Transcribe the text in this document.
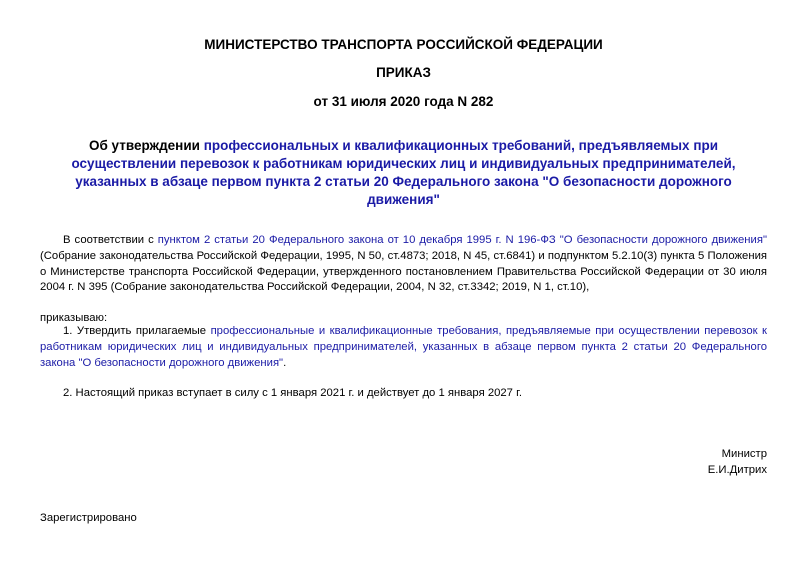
МИНИСТЕРСТВО ТРАНСПОРТА РОССИЙСКОЙ ФЕДЕРАЦИИ
ПРИКАЗ
от 31 июля 2020 года N 282
Об утверждении профессиональных и квалификационных требований, предъявляемых при осуществлении перевозок к работникам юридических лиц и индивидуальных предпринимателей, указанных в абзаце первом пункта 2 статьи 20 Федерального закона "О безопасности дорожного движения"
В соответствии с пунктом 2 статьи 20 Федерального закона от 10 декабря 1995 г. N 196-ФЗ "О безопасности дорожного движения" (Собрание законодательства Российской Федерации, 1995, N 50, ст.4873; 2018, N 45, ст.6841) и подпунктом 5.2.10(3) пункта 5 Положения о Министерстве транспорта Российской Федерации, утвержденного постановлением Правительства Российской Федерации от 30 июля 2004 г. N 395 (Собрание законодательства Российской Федерации, 2004, N 32, ст.3342; 2019, N 1, ст.10),
приказываю:
1. Утвердить прилагаемые профессиональные и квалификационные требования, предъявляемые при осуществлении перевозок к работникам юридических лиц и индивидуальных предпринимателей, указанных в абзаце первом пункта 2 статьи 20 Федерального закона "О безопасности дорожного движения".
2. Настоящий приказ вступает в силу с 1 января 2021 г. и действует до 1 января 2027 г.
Министр
Е.И.Дитрих
Зарегистрировано
